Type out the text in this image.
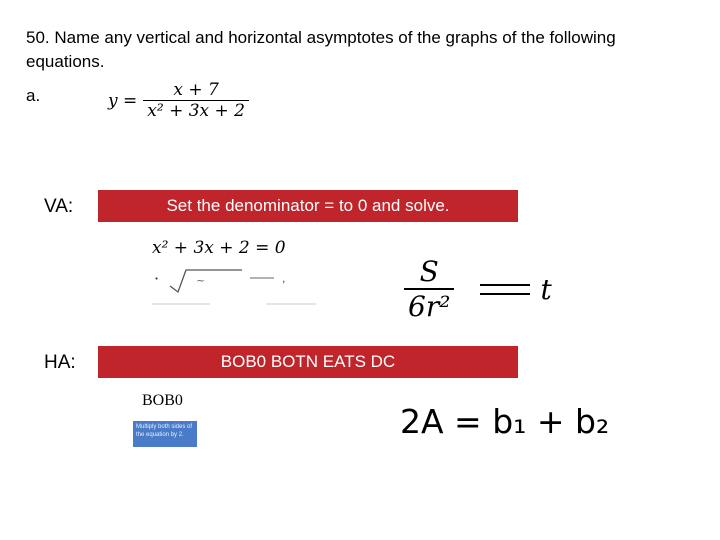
50. Name any vertical and horizontal asymptotes of the graphs of the following equations.
a.	$y = \frac{x + 7}{\text{x² + 3x + 2}}$
VA:	Set the denominator = to 0 and solve.
x² + 3x + 2 = 0
·	~	,	$\frac{S}{\text{6r²}}$	t
HA:	BOB0 BOTN EATS DC
BOB0
Multiply both sides of the equation by 2.	2A = b₁ + b₂
